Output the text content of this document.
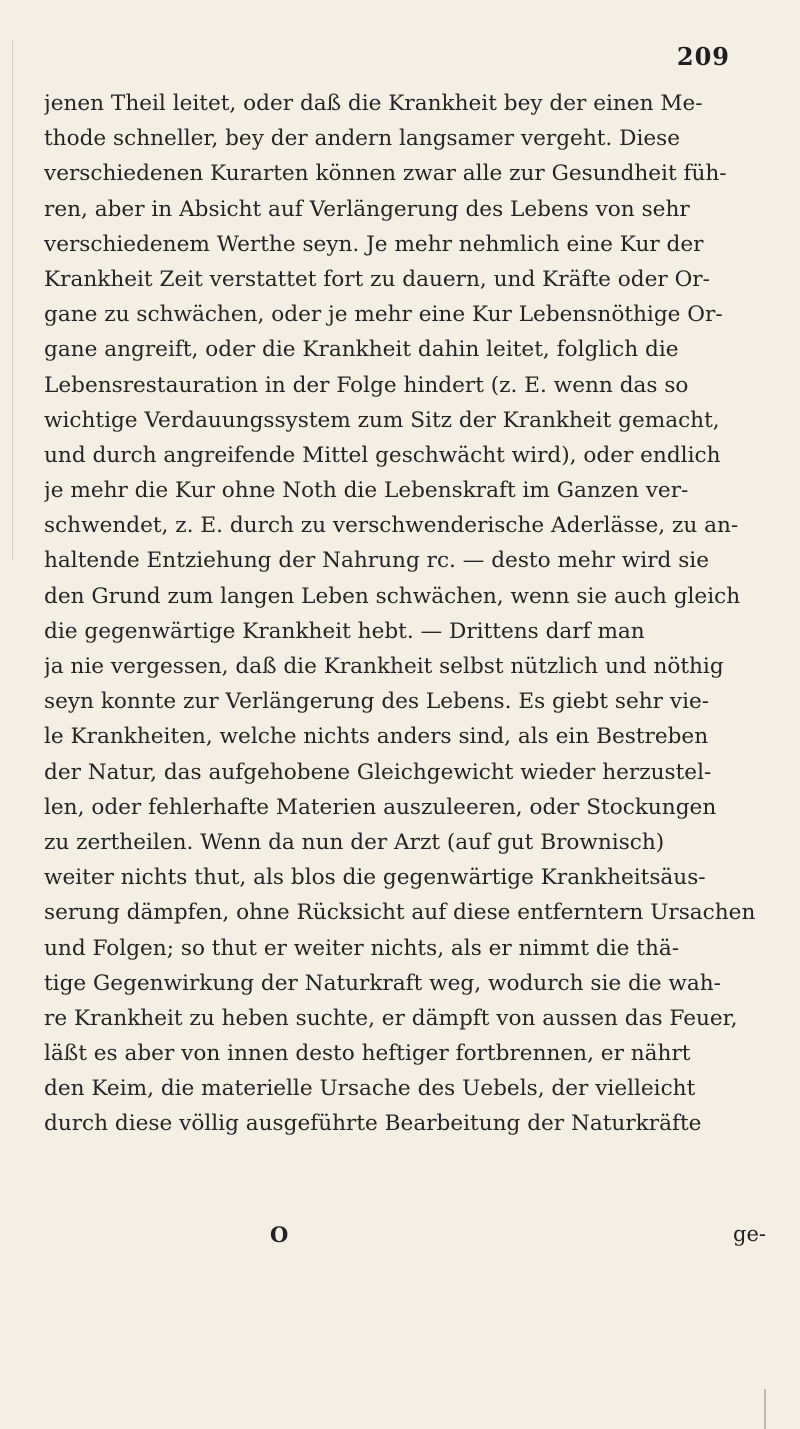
209
jenen Theil leitet, oder daß die Krankheit bey der einen Me-
thode schneller, bey der andern langsamer vergeht. Diese
verschiedenen Kurarten können zwar alle zur Gesundheit füh-
ren, aber in Absicht auf Verlängerung des Lebens von sehr
verschiedenem Werthe seyn. Je mehr nehmlich eine Kur der
Krankheit Zeit verstattet fort zu dauern, und Kräfte oder Or-
gane zu schwächen, oder je mehr eine Kur Lebensnöthige Or-
gane angreift, oder die Krankheit dahin leitet, folglich die
Lebensrestauration in der Folge hindert (z. E. wenn das so
wichtige Verdauungssystem zum Sitz der Krankheit gemacht,
und durch angreifende Mittel geschwächt wird), oder endlich
je mehr die Kur ohne Noth die Lebenskraft im Ganzen ver-
schwendet, z. E. durch zu verschwenderische Aderlässe, zu an-
haltende Entziehung der Nahrung rc. — desto mehr wird sie
den Grund zum langen Leben schwächen, wenn sie auch gleich
die gegenwärtige Krankheit hebt. — Drittens darf man
ja nie vergessen, daß die Krankheit selbst nützlich und nöthig
seyn konnte zur Verlängerung des Lebens. Es giebt sehr vie-
le Krankheiten, welche nichts anders sind, als ein Bestreben
der Natur, das aufgehobene Gleichgewicht wieder herzustel-
len, oder fehlerhafte Materien auszuleeren, oder Stockungen
zu zertheilen. Wenn da nun der Arzt (auf gut Brownisch)
weiter nichts thut, als blos die gegenwärtige Krankheitsäus-
serung dämpfen, ohne Rücksicht auf diese entferntern Ursachen
und Folgen; so thut er weiter nichts, als er nimmt die thä-
tige Gegenwirkung der Naturkraft weg, wodurch sie die wah-
re Krankheit zu heben suchte, er dämpft von aussen das Feuer,
läßt es aber von innen desto heftiger fortbrennen, er nährt
den Keim, die materielle Ursache des Uebels, der vielleicht
durch diese völlig ausgeführte Bearbeitung der Naturkräfte
O	ge-
